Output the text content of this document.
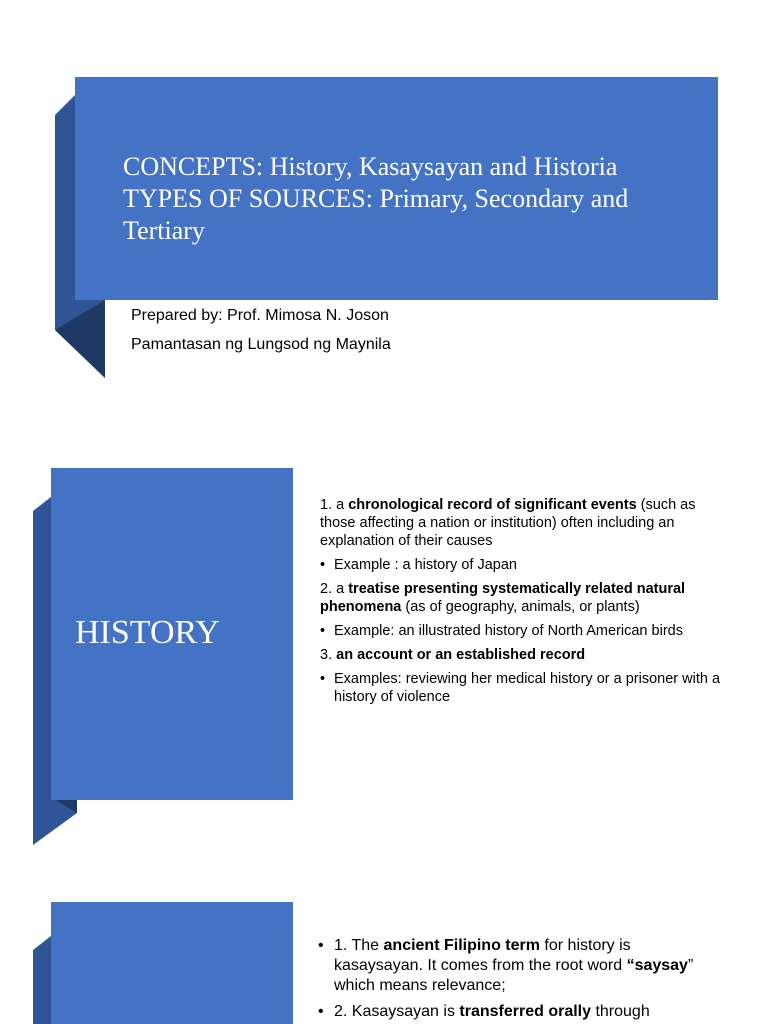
CONCEPTS: History, Kasaysayan and Historia
TYPES OF SOURCES: Primary, Secondary and
Tertiary
Prepared by: Prof. Mimosa N. Joson
Pamantasan ng Lungsod ng Maynila
HISTORY

1. a chronological record of significant events (such as those affecting a nation or institution) often including an explanation of their causes

• Example : a history of Japan

2. a treatise presenting systematically related natural phenomena (as of geography, animals, or plants)

• Example: an illustrated history of North American birds

3. an account or an established record

• Examples: reviewing her medical history or a prisoner with a history of violence

• 1. The ancient Filipino term for history is kasaysayan. It comes from the root word “saysay” which means relevance;

• 2. Kasaysayan is transferred orally through
